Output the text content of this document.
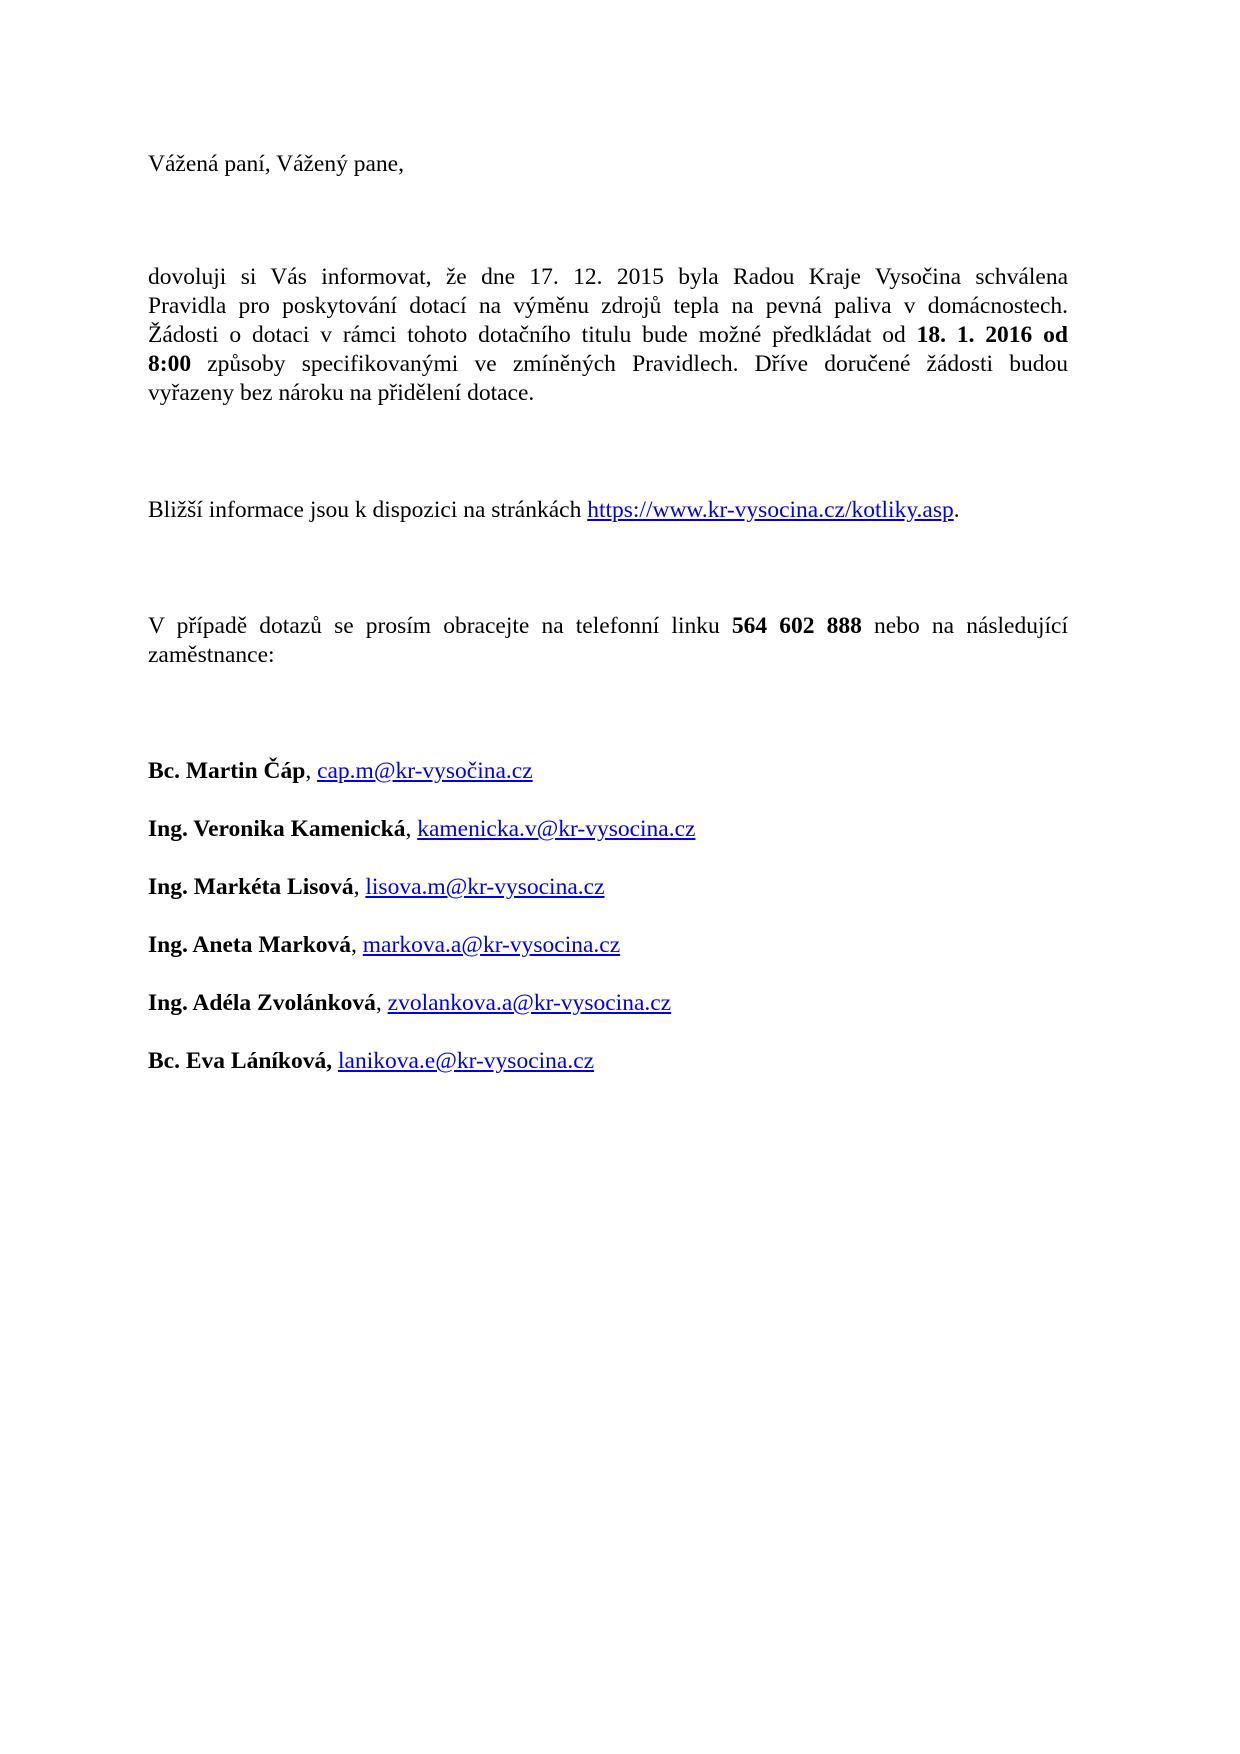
Vážená paní, Vážený pane,
dovoluji si Vás informovat, že dne 17. 12. 2015 byla Radou Kraje Vysočina schválena
Pravidla pro poskytování dotací na výměnu zdrojů tepla na pevná paliva v domácnostech.
Žádosti o dotaci v rámci tohoto dotačního titulu bude možné předkládat od 18. 1. 2016 od
8:00 způsoby specifikovanými ve zmíněných Pravidlech. Dříve doručené žádosti budou
vyřazeny bez nároku na přidělení dotace.
Bližší informace jsou k dispozici na stránkách https://www.kr-vysocina.cz/kotliky.asp.
V případě dotazů se prosím obracejte na telefonní linku 564 602 888 nebo na následující
zaměstnance:
Bc. Martin Čáp, cap.m@kr-vysočina.cz
Ing. Veronika Kamenická, kamenicka.v@kr-vysocina.cz
Ing. Markéta Lisová, lisova.m@kr-vysocina.cz
Ing. Aneta Marková, markova.a@kr-vysocina.cz
Ing. Adéla Zvolánková, zvolankova.a@kr-vysocina.cz
Bc. Eva Láníková, lanikova.e@kr-vysocina.cz
